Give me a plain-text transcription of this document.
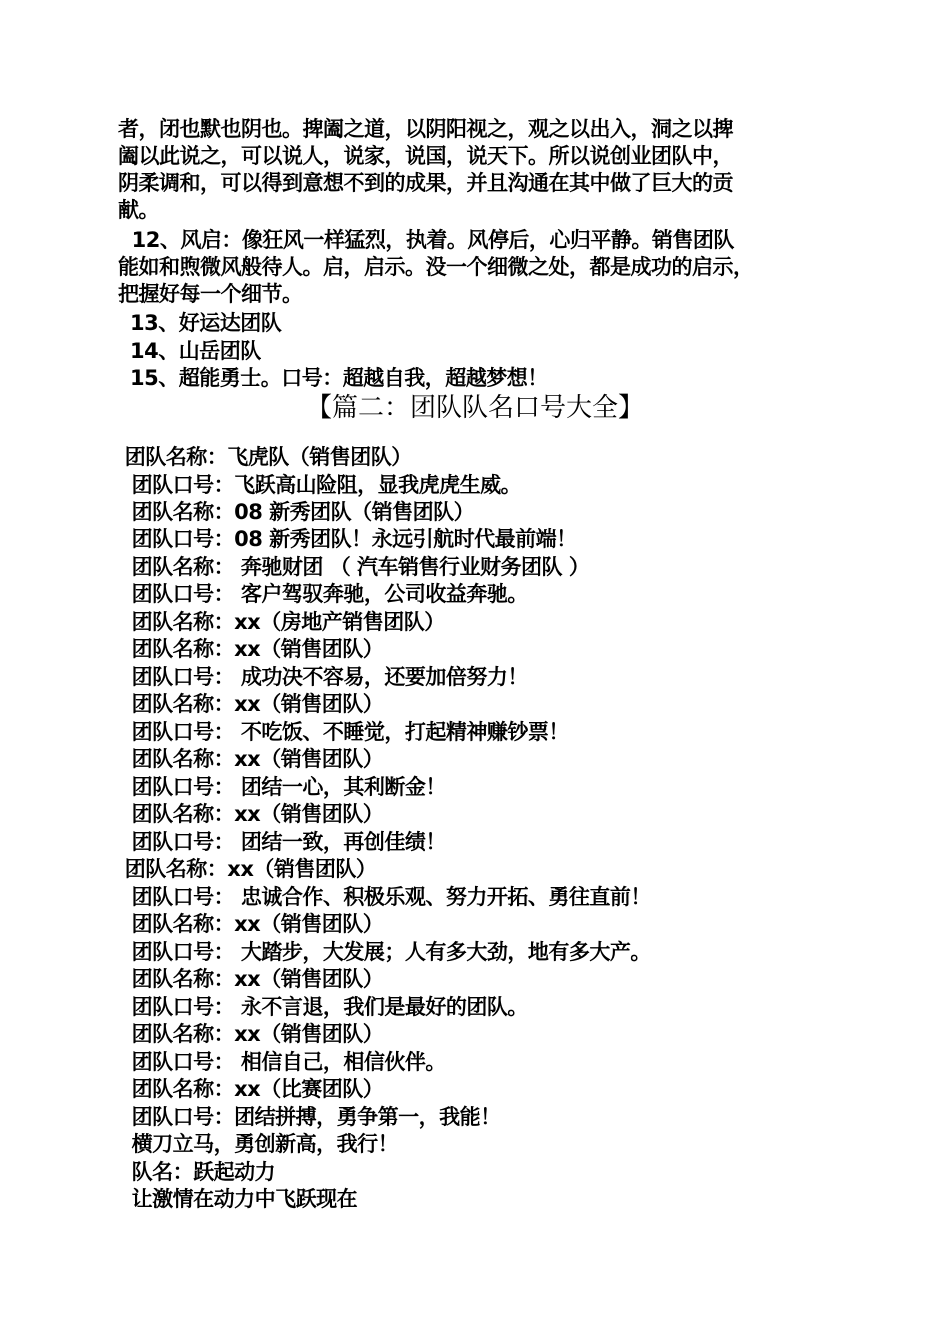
者，闭也默也阴也。捭阖之道，以阴阳视之，观之以出入，洞之以捭
阖以此说之，可以说人，说家，说国，说天下。所以说创业团队中，
阴柔调和，可以得到意想不到的成果，并且沟通在其中做了巨大的贡
献。
12、风启：像狂风一样猛烈，执着。风停后，心归平静。销售团队
能如和煦微风般待人。启，启示。没一个细微之处，都是成功的启示，
把握好每一个细节。
13、好运达团队
14、山岳团队
15、超能勇士。口号：超越自我，超越梦想！
【篇二：团队队名口号大全】
团队名称：飞虎队（销售团队）
团队口号：飞跃高山险阻，显我虎虎生威。
团队名称：08 新秀团队（销售团队）
团队口号：08 新秀团队！永远引航时代最前端！
团队名称： 奔驰财团 （ 汽车销售行业财务团队 ）
团队口号： 客户驾驭奔驰，公司收益奔驰。
团队名称：xx（房地产销售团队）
团队名称：xx（销售团队）
团队口号： 成功决不容易，还要加倍努力！
团队名称：xx（销售团队）
团队口号： 不吃饭、不睡觉，打起精神赚钞票！
团队名称：xx（销售团队）
团队口号： 团结一心，其利断金！
团队名称：xx（销售团队）
团队口号： 团结一致，再创佳绩！
团队名称：xx（销售团队）
团队口号： 忠诚合作、积极乐观、努力开拓、勇往直前！
团队名称：xx（销售团队）
团队口号： 大踏步，大发展；人有多大劲，地有多大产。
团队名称：xx（销售团队）
团队口号： 永不言退，我们是最好的团队。
团队名称：xx（销售团队）
团队口号： 相信自己，相信伙伴。
团队名称：xx（比赛团队）
团队口号：团结拼搏，勇争第一，我能！
横刀立马，勇创新高，我行！
队名：跃起动力
让激情在动力中飞跃现在
